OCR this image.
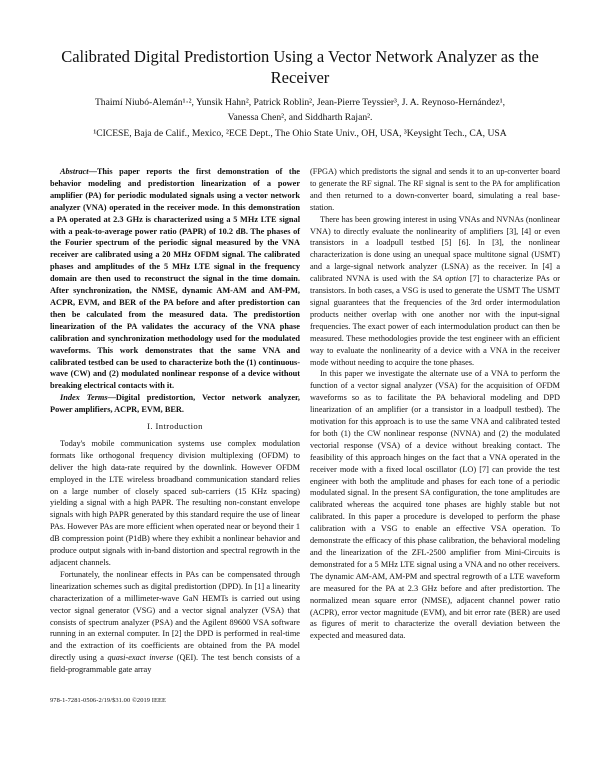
Calibrated Digital Predistortion Using a Vector Network Analyzer as the Receiver
Thaimí Niubó-Alemán¹·², Yunsik Hahn², Patrick Roblin², Jean-Pierre Teyssier³, J. A. Reynoso-Hernández¹,
Vanessa Chen², and Siddharth Rajan².
¹CICESE, Baja de Calif., Mexico, ²ECE Dept., The Ohio State Univ., OH, USA, ³Keysight Tech., CA, USA

Abstract—This paper reports the first demonstration of the behavior modeling and predistortion linearization of a power amplifier (PA) for periodic modulated signals using a vector network analyzer (VNA) operated in the receiver mode. In this demonstration a PA operated at 2.3 GHz is characterized using a 5 MHz LTE signal with a peak-to-average power ratio (PAPR) of 10.2 dB. The phases of the Fourier spectrum of the periodic signal measured by the VNA receiver are calibrated using a 20 MHz OFDM signal. The calibrated phases and amplitudes of the 5 MHz LTE signal in the frequency domain are then used to reconstruct the signal in the time domain. After synchronization, the NMSE, dynamic AM-AM and AM-PM, ACPR, EVM, and BER of the PA before and after predistortion can then be calculated from the measured data. The predistortion linearization of the PA validates the accuracy of the VNA phase calibration and synchronization methodology used for the modulated waveforms. This work demonstrates that the same VNA and calibrated testbed can be used to characterize both the (1) continuous-wave (CW) and (2) modulated nonlinear response of a device without breaking electrical contacts with it.

Index Terms—Digital predistortion, Vector network analyzer, Power amplifiers, ACPR, EVM, BER.

I. Introduction

Today's mobile communication systems use complex modulation formats like orthogonal frequency division multiplexing (OFDM) to deliver the high data-rate required by the downlink. However OFDM employed in the LTE wireless broadband communication standard relies on a large number of closely spaced sub-carriers (15 KHz spacing) yielding a signal with a high PAPR. The resulting non-constant envelope signals with high PAPR generated by this standard require the use of linear PAs. However PAs are more efficient when operated near or beyond their 1 dB compression point (P1dB) where they exhibit a nonlinear behavior and produce output signals with in-band distortion and spectral regrowth in the adjacent channels.

Fortunately, the nonlinear effects in PAs can be compensated through linearization schemes such as digital predistortion (DPD). In [1] a linearity characterization of a millimeter-wave GaN HEMTs is carried out using vector signal generator (VSG) and a vector signal analyzer (VSA) that consists of spectrum analyzer (PSA) and the Agilent 89600 VSA software running in an external computer. In [2] the DPD is performed in real-time and the extraction of its coefficients are obtained from the PA model directly using a quasi-exact inverse (QEI). The test bench consists of a field-programmable gate array

(FPGA) which predistorts the signal and sends it to an up-converter board to generate the RF signal. The RF signal is sent to the PA for amplification and then returned to a down-converter board, simulating a real base-station.

There has been growing interest in using VNAs and NVNAs (nonlinear VNA) to directly evaluate the nonlinearity of amplifiers [3], [4] or even transistors in a loadpull testbed [5] [6]. In [3], the nonlinear characterization is done using an unequal space multitone signal (USMT) and a large-signal network analyzer (LSNA) as the receiver. In [4] a calibrated NVNA is used with the SA option [7] to characterize PAs or transistors. In both cases, a VSG is used to generate the USMT The USMT signal guarantees that the frequencies of the 3rd order intermodulation products neither overlap with one another nor with the input-signal frequencies. The exact power of each intermodulation product can then be measured. These methodologies provide the test engineer with an efficient way to evaluate the nonlinearity of a device with a VNA in the receiver mode without needing to acquire the tone phases.

In this paper we investigate the alternate use of a VNA to perform the function of a vector signal analyzer (VSA) for the acquisition of OFDM waveforms so as to facilitate the PA behavioral modeling and DPD linearization of an amplifier (or a transistor in a loadpull testbed). The motivation for this approach is to use the same VNA and calibrated tested for both (1) the CW nonlinear response (NVNA) and (2) the modulated vectorial response (VSA) of a device without breaking contact. The feasibility of this approach hinges on the fact that a VNA operated in the receiver mode with a fixed local oscillator (LO) [7] can provide the test engineer with both the amplitude and phases for each tone of a periodic modulated signal. In the present SA configuration, the tone amplitudes are calibrated whereas the acquired tone phases are highly stable but not calibrated. In this paper a procedure is developed to perform the phase calibration with a VSG to enable an effective VSA operation. To demonstrate the efficacy of this phase calibration, the behavioral modeling and the linearization of the ZFL-2500 amplifier from Mini-Circuits is demonstrated for a 5 MHz LTE signal using a VNA and no other receivers. The dynamic AM-AM, AM-PM and spectral regrowth of a LTE waveform are measured for the PA at 2.3 GHz before and after predistortion. The normalized mean square error (NMSE), adjacent channel power ratio (ACPR), error vector magnitude (EVM), and bit error rate (BER) are used as figures of merit to characterize the overall deviation between the expected and measured data.

978-1-7281-0506-2/19/$31.00 ©2019 IEEE
